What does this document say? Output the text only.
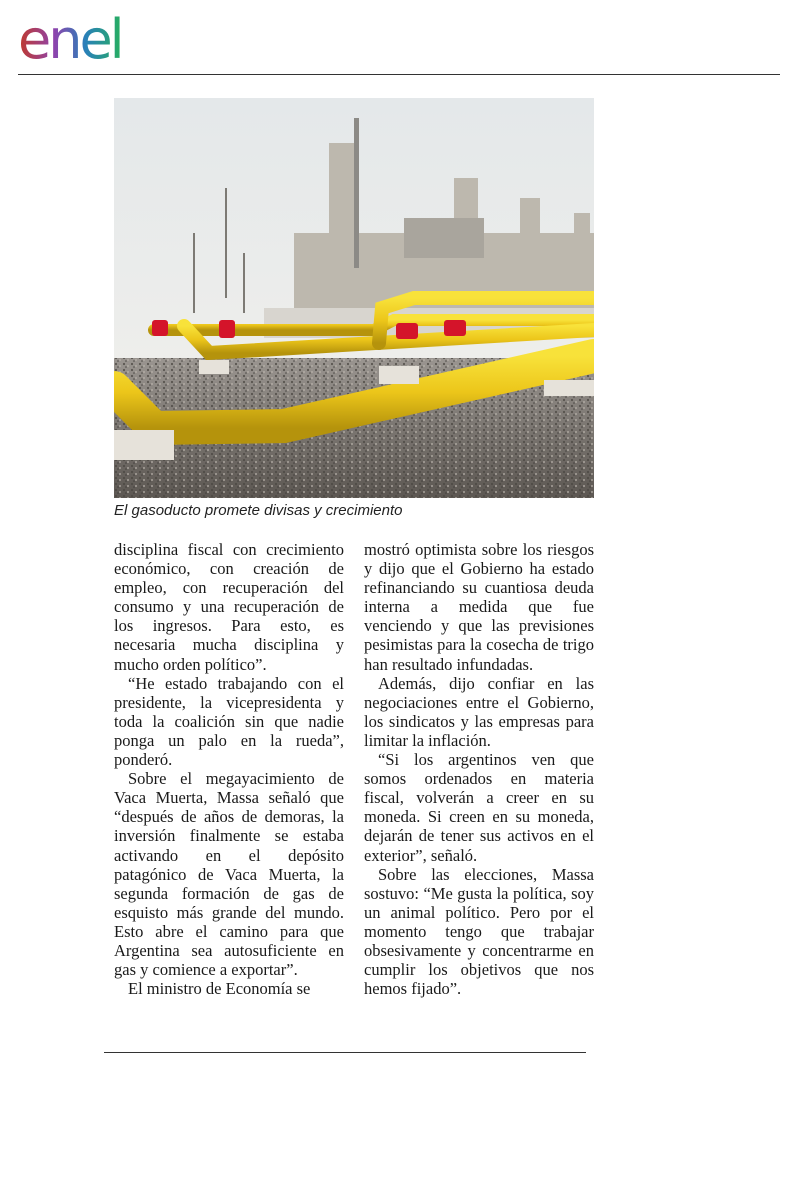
enel
El gasoducto promete divisas y crecimiento

disciplina fiscal con crecimiento económico, con creación de empleo, con recuperación del consumo y una recuperación de los ingresos. Para esto, es necesaria mucha disciplina y mucho orden político”.

“He estado trabajando con el presidente, la vicepresidenta y toda la coalición sin que nadie ponga un palo en la rueda”, ponderó.

Sobre el megayacimiento de Vaca Muerta, Massa señaló que “después de años de demoras, la inversión finalmente se estaba activando en el depósito patagónico de Vaca Muerta, la segunda formación de gas de esquisto más grande del mundo. Esto abre el camino para que Argentina sea autosuficiente en gas y comience a exportar”.

El ministro de Economía se

mostró optimista sobre los riesgos y dijo que el Gobierno ha estado refinanciando su cuantiosa deuda interna a medida que fue venciendo y que las previsiones pesimistas para la cosecha de trigo han resultado infundadas.

Además, dijo confiar en las negociaciones entre el Gobierno, los sindicatos y las empresas para limitar la inflación.

“Si los argentinos ven que somos ordenados en materia fiscal, volverán a creer en su moneda. Si creen en su moneda, dejarán de tener sus activos en el exterior”, señaló.

Sobre las elecciones, Massa sostuvo: “Me gusta la política, soy un animal político. Pero por el momento tengo que trabajar obsesivamente y concentrarme en cumplir los objetivos que nos hemos fijado”.
